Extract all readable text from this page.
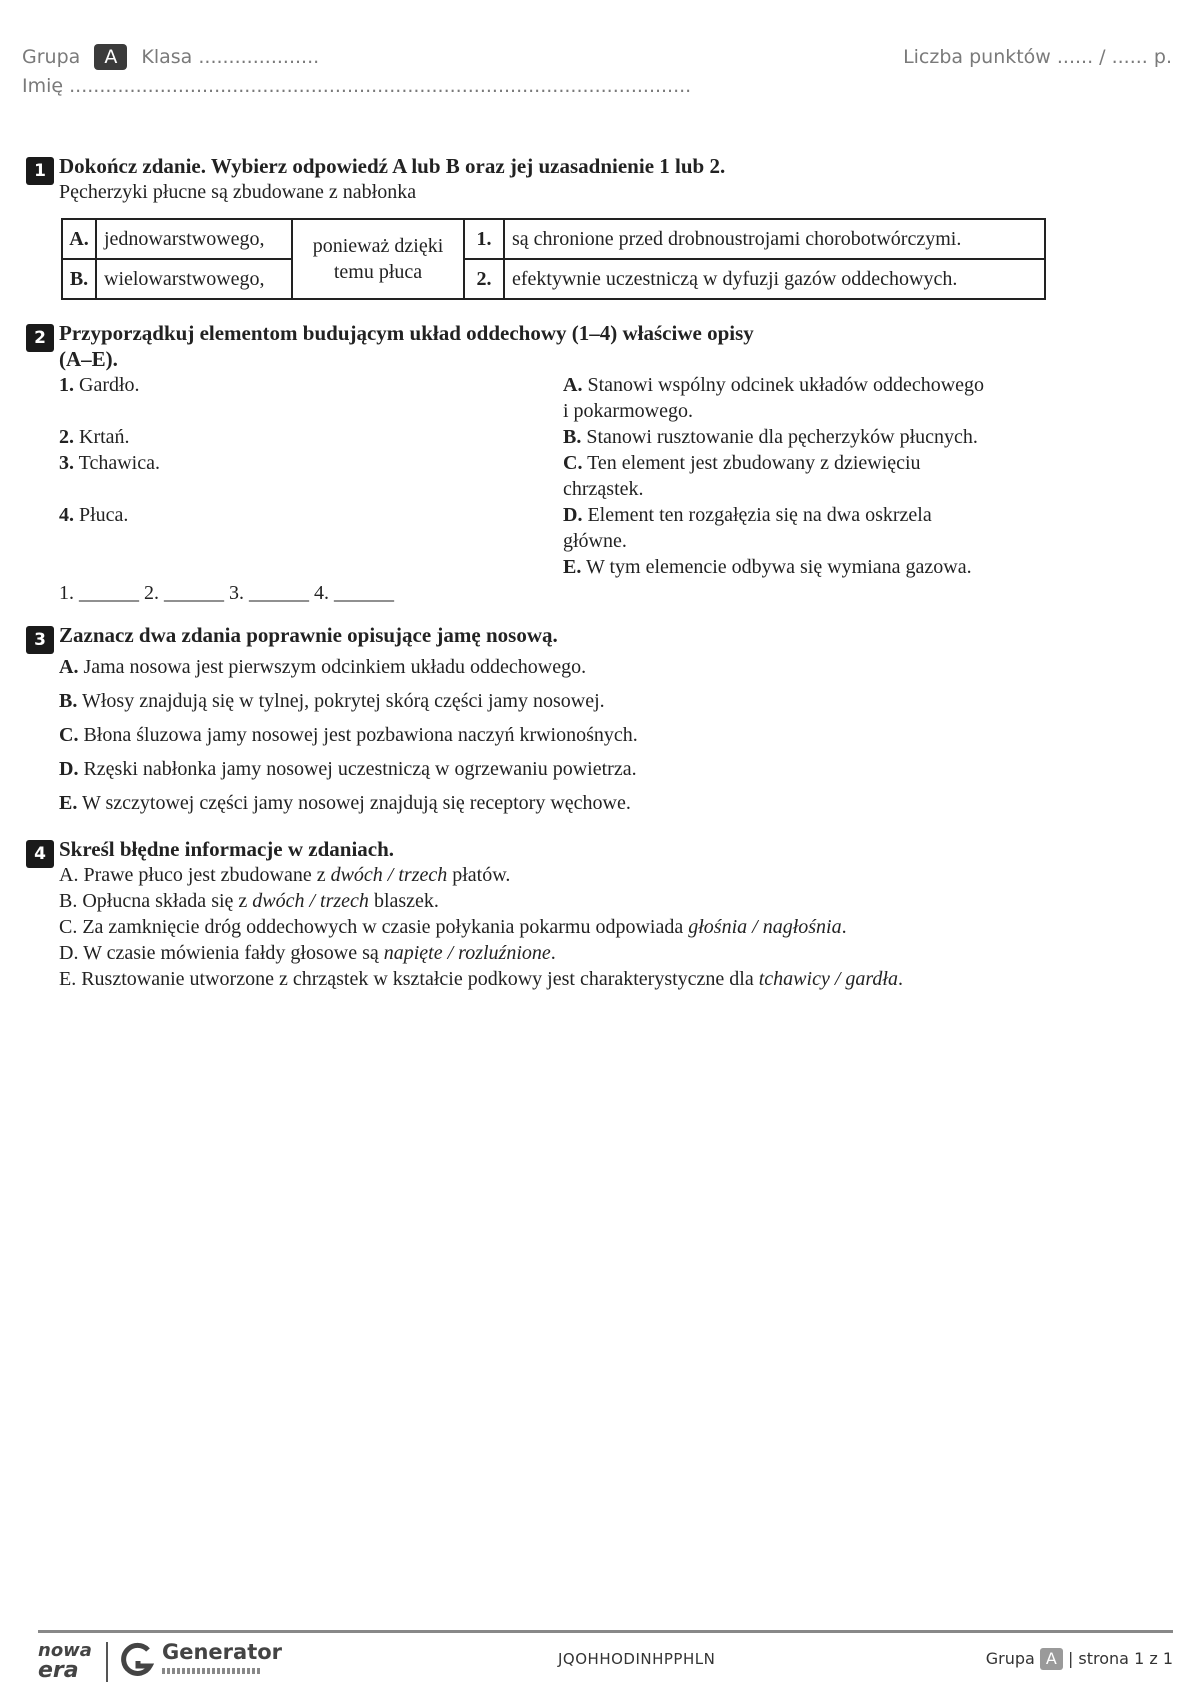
Grupa A Klasa ....................	Liczba punktów ...... / ...... p.
Imię .......................................................................................................
1 Dokończ zdanie. Wybierz odpowiedź A lub B oraz jej uzasadnienie 1 lub 2.
Pęcherzyki płucne są zbudowane z nabłonka
A.	jednowarstwowego,	ponieważ dzięki temu płuca	1.	są chronione przed drobnoustrojami chorobotwórczymi.
B.	wielowarstwowego,		2.	efektywnie uczestniczą w dyfuzji gazów oddechowych.
2 Przyporządkuj elementom budującym układ oddechowy (1–4) właściwe opisy
(A–E).
1. Gardło.
2. Krtań.
3. Tchawica.
4. Płuca.
A. Stanowi wspólny odcinek układów oddechowego
i pokarmowego.
B. Stanowi rusztowanie dla pęcherzyków płucnych.
C. Ten element jest zbudowany z dziewięciu
chrząstek.
D. Element ten rozgałęzia się na dwa oskrzela
główne.
E. W tym elemencie odbywa się wymiana gazowa.
1. ______ 2. ______ 3. ______ 4. ______
3 Zaznacz dwa zdania poprawnie opisujące jamę nosową.
A. Jama nosowa jest pierwszym odcinkiem układu oddechowego.
B. Włosy znajdują się w tylnej, pokrytej skórą części jamy nosowej.
C. Błona śluzowa jamy nosowej jest pozbawiona naczyń krwionośnych.
D. Rzęski nabłonka jamy nosowej uczestniczą w ogrzewaniu powietrza.
E. W szczytowej części jamy nosowej znajdują się receptory węchowe.
4 Skreśl błędne informacje w zdaniach.
A. Prawe płuco jest zbudowane z dwóch / trzech płatów.
B. Opłucna składa się z dwóch / trzech blaszek.
C. Za zamknięcie dróg oddechowych w czasie połykania pokarmu odpowiada głośnia / nagłośnia.
D. W czasie mówienia fałdy głosowe są napięte / rozluźnione.
E. Rusztowanie utworzone z chrząstek w kształcie podkowy jest charakterystyczne dla tchawicy / gardła.
nowa
era
Generator	JQOHHODINHPPHLN	Grupa A | strona 1 z 1
